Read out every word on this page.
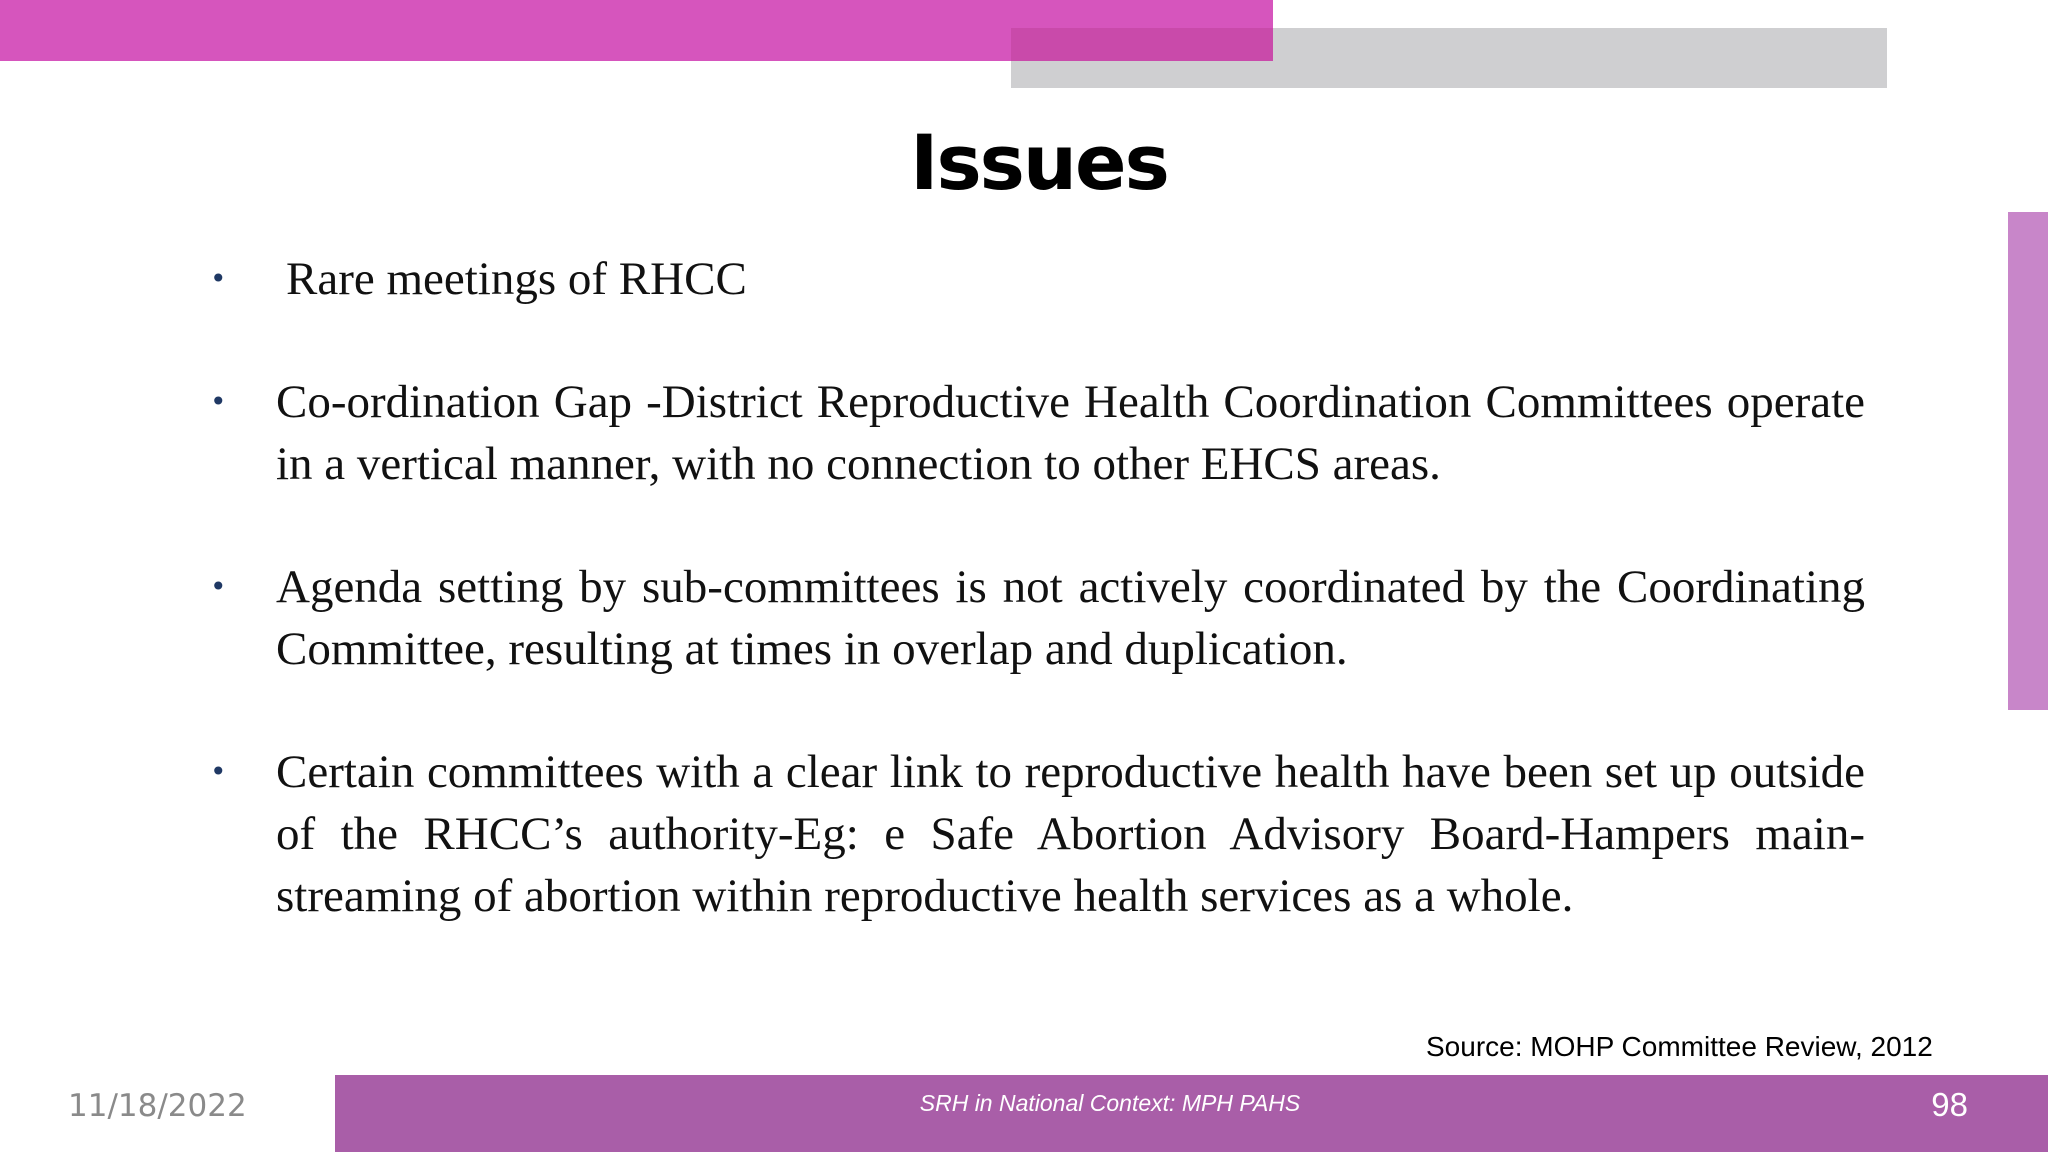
Issues
• Rare meetings of RHCC
• Co-ordination Gap -District Reproductive Health Coordination Committees operate in a vertical manner, with no connection to other EHCS areas.
• Agenda setting by sub-committees is not actively coordinated by the Coordinating Committee, resulting at times in overlap and duplication.
• Certain committees with a clear link to reproductive health have been set up outside of the RHCC’s authority-Eg: e Safe Abortion Advisory Board-Hampers main-streaming of abortion within reproductive health services as a whole.
Source: MOHP Committee Review, 2012
11/18/2022	SRH in National Context: MPH PAHS	98
